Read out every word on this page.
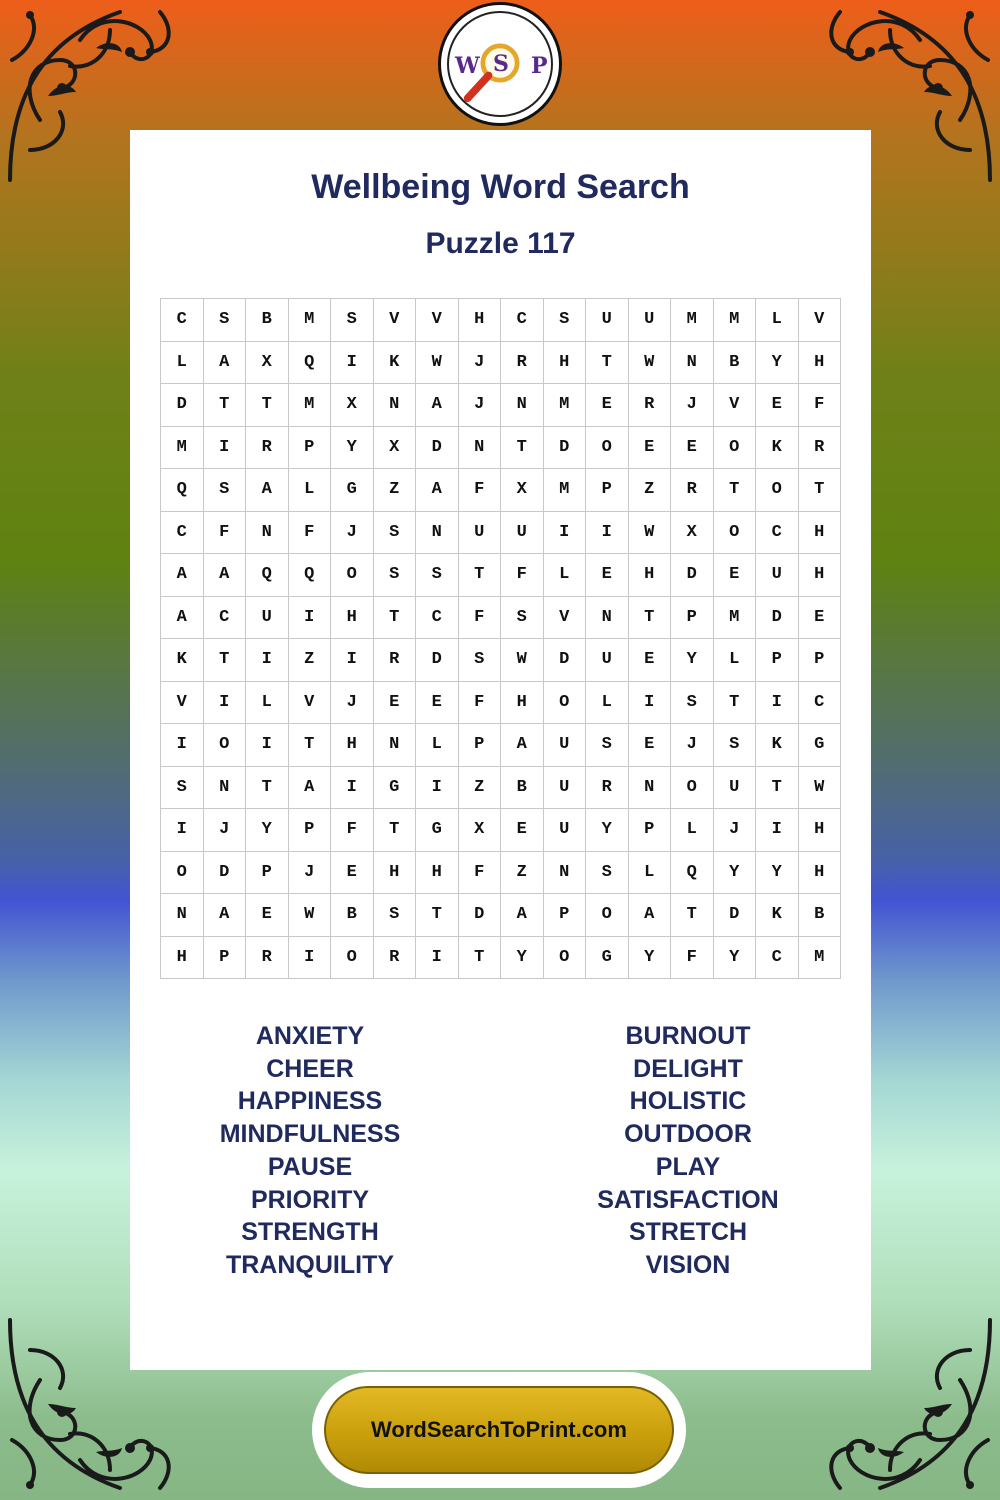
W S P
Wellbeing Word Search
Puzzle 117
C	S	B	M	S	V	V	H	C	S	U	U	M	M	L	V
L	A	X	Q	I	K	W	J	R	H	T	W	N	B	Y	H
D	T	T	M	X	N	A	J	N	M	E	R	J	V	E	F
M	I	R	P	Y	X	D	N	T	D	O	E	E	O	K	R
Q	S	A	L	G	Z	A	F	X	M	P	Z	R	T	O	T
C	F	N	F	J	S	N	U	U	I	I	W	X	O	C	H
A	A	Q	Q	O	S	S	T	F	L	E	H	D	E	U	H
A	C	U	I	H	T	C	F	S	V	N	T	P	M	D	E
K	T	I	Z	I	R	D	S	W	D	U	E	Y	L	P	P
V	I	L	V	J	E	E	F	H	O	L	I	S	T	I	C
I	O	I	T	H	N	L	P	A	U	S	E	J	S	K	G
S	N	T	A	I	G	I	Z	B	U	R	N	O	U	T	W
I	J	Y	P	F	T	G	X	E	U	Y	P	L	J	I	H
O	D	P	J	E	H	H	F	Z	N	S	L	Q	Y	Y	H
N	A	E	W	B	S	T	D	A	P	O	A	T	D	K	B
H	P	R	I	O	R	I	T	Y	O	G	Y	F	Y	C	M
ANXIETY
CHEER
HAPPINESS
MINDFULNESS
PAUSE
PRIORITY
STRENGTH
TRANQUILITY
BURNOUT
DELIGHT
HOLISTIC
OUTDOOR
PLAY
SATISFACTION
STRETCH
VISION
WordSearchToPrint.com
